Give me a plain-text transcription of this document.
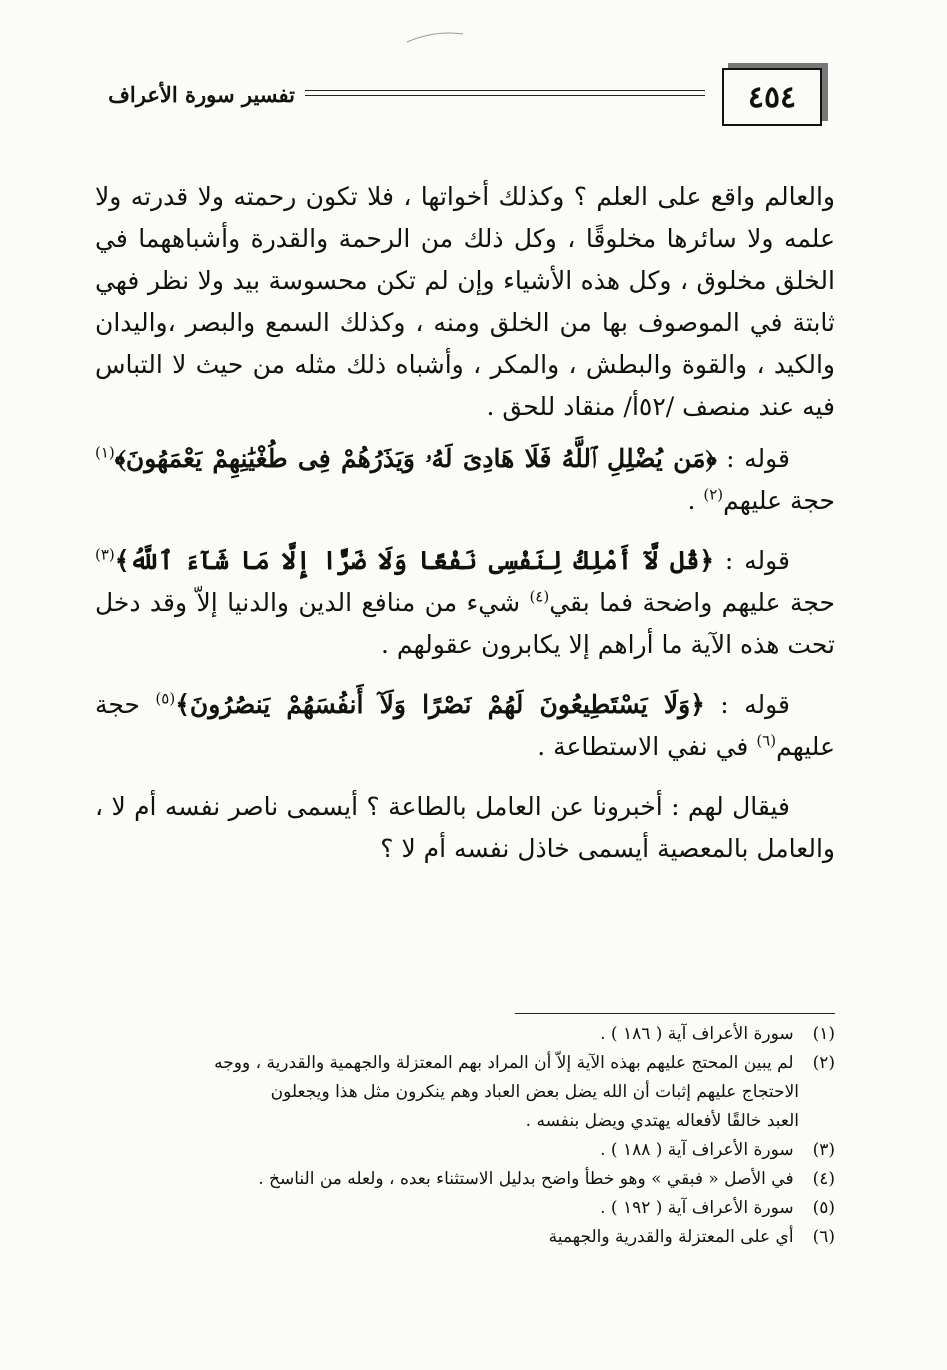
٤٥٤
تفسير سورة الأعراف

والعالم واقع على العلم ؟ وكذلك أخواتها ، فلا تكون رحمته ولا قدرته ولا علمه ولا سائرها مخلوقًا ، وكل ذلك من الرحمة والقدرة وأشباههما في الخلق مخلوق ، وكل هذه الأشياء وإن لم تكن محسوسة بيد ولا نظر فهي ثابتة في الموصوف بها من الخلق ومنه ، وكذلك السمع والبصر ،واليدان والكيد ، والقوة والبطش ، والمكر ، وأشباه ذلك مثله من حيث لا التباس فيه عند منصف /٥٢أ/ منقاد للحق .

قوله : ﴿مَن يُضْلِلِ ٱللَّهُ فَلَا هَادِىَ لَهُۥ وَيَذَرُهُمْ فِى طُغْيَٰنِهِمْ يَعْمَهُونَ﴾$^{(١)}$ حجة عليهم$^{(٢)}$ .

قوله : ﴿قُل لَّآ أَمْلِكُ لِنَفْسِى نَفْعًا وَلَا ضَرًّا إِلَّا مَا شَآءَ ٱللَّهُ﴾$^{(٣)}$ حجة عليهم واضحة فما بقي$^{(٤)}$ شيء من منافع الدين والدنيا إلاّ وقد دخل تحت هذه الآية ما أراهم إلا يكابرون عقولهم .

قوله : ﴿وَلَا يَسْتَطِيعُونَ لَهُمْ نَصْرًا وَلَآ أَنفُسَهُمْ يَنصُرُونَ﴾$^{(٥)}$ حجة عليهم$^{(٦)}$ في نفي الاستطاعة .

فيقال لهم : أخبرونا عن العامل بالطاعة ؟ أيسمى ناصر نفسه أم لا ، والعامل بالمعصية أيسمى خاذل نفسه أم لا ؟

(١) سورة الأعراف آية ( ١٨٦ ) .

(٢) لم يبين المحتج عليهم بهذه الآية إلاّ أن المراد بهم المعتزلة والجهمية والقدرية ، ووجه

الاحتجاج عليهم إثبات أن الله يضل بعض العباد وهم ينكرون مثل هذا ويجعلون

العبد خالقًا لأفعاله يهتدي ويضل بنفسه .

(٣) سورة الأعراف آية ( ١٨٨ ) .

(٤) في الأصل « فبقي » وهو خطأ واضح بدليل الاستثناء بعده ، ولعله من الناسخ .

(٥) سورة الأعراف آية ( ١٩٢ ) .

(٦) أي على المعتزلة والقدرية والجهمية
